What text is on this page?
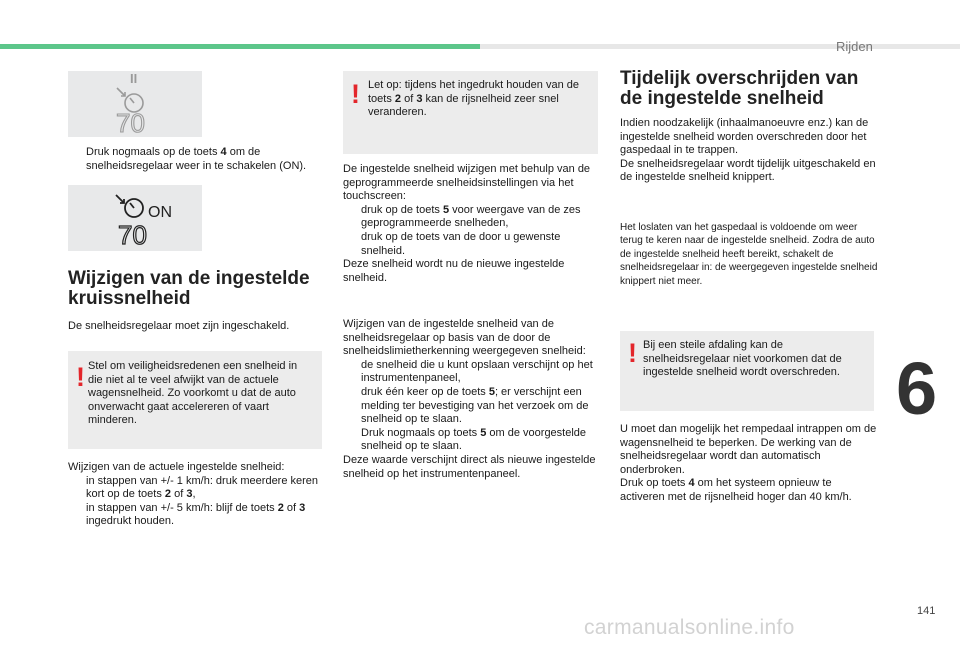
Rijden
6
141
carmanualsonline.info
II
70
Druk nogmaals op de toets 4 om de snelheidsregelaar weer in te schakelen (ON).
ON
70
Wijzigen van de ingestelde kruissnelheid
De snelheidsregelaar moet zijn ingeschakeld.
! Stel om veiligheidsredenen een snelheid in die niet al te veel afwijkt van de actuele wagensnelheid. Zo voorkomt u dat de auto onverwacht gaat accelereren of vaart minderen.

Wijzigen van de actuele ingestelde snelheid:

in stappen van +/- 1 km/h: druk meerdere keren kort op de toets 2 of 3,
in stappen van +/- 5 km/h: blijf de toets 2 of 3 ingedrukt houden.
! Let op: tijdens het ingedrukt houden van de toets 2 of 3 kan de rijsnelheid zeer snel veranderen.

De ingestelde snelheid wijzigen met behulp van de geprogrammeerde snelheidsinstellingen via het touchscreen:

druk op de toets 5 voor weergave van de zes geprogrammeerde snelheden,
druk op de toets van de door u gewenste snelheid.

Deze snelheid wordt nu de nieuwe ingestelde snelheid.

Wijzigen van de ingestelde snelheid van de snelheidsregelaar op basis van de door de snelheidslimietherkenning weergegeven snelheid:

de snelheid die u kunt opslaan verschijnt op het instrumentenpaneel,
druk één keer op de toets 5; er verschijnt een melding ter bevestiging van het verzoek om de snelheid op te slaan.
Druk nogmaals op toets 5 om de voorgestelde snelheid op te slaan.

Deze waarde verschijnt direct als nieuwe ingestelde snelheid op het instrumentenpaneel.

Tijdelijk overschrijden van de ingestelde snelheid

Indien noodzakelijk (inhaalmanoeuvre enz.) kan de ingestelde snelheid worden overschreden door het gaspedaal in te trappen.

De snelheidsregelaar wordt tijdelijk uitgeschakeld en de ingestelde snelheid knippert.

Het loslaten van het gaspedaal is voldoende om weer terug te keren naar de ingestelde snelheid. Zodra de auto de ingestelde snelheid heeft bereikt, schakelt de snelheidsregelaar in: de weergegeven ingestelde snelheid knippert niet meer.
! Bij een steile afdaling kan de snelheidsregelaar niet voorkomen dat de ingestelde snelheid wordt overschreden.

U moet dan mogelijk het rempedaal intrappen om de wagensnelheid te beperken. De werking van de snelheidsregelaar wordt dan automatisch onderbroken.

Druk op toets 4 om het systeem opnieuw te activeren met de rijsnelheid hoger dan 40 km/h.
